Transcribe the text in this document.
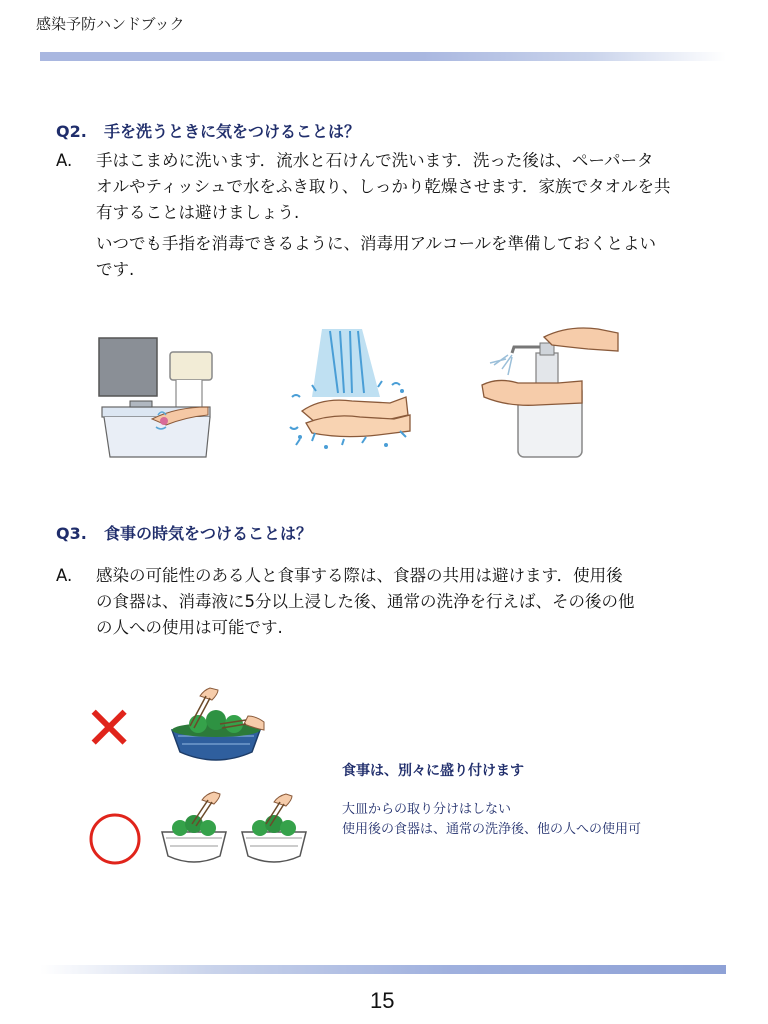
感染予防ハンドブック
Q2. 手を洗うときに気をつけることは？
A. 手はこまめに洗います．流水と石けんで洗います．洗った後は、ペーパータ
オルやティッシュで水をふき取り、しっかり乾燥させます．家族でタオルを共
有することは避けましょう.
いつでも手指を消毒できるように、消毒用アルコールを準備しておくとよい
です.
Q3. 食事の時気をつけることは？
A. 感染の可能性のある人と食事する際は、食器の共用は避けます．使用後
の食器は、消毒液に5分以上浸した後、通常の洗浄を行えば、その後の他
の人への使用は可能です.
✕
食事は、別々に盛り付けます
大皿からの取り分けはしない
使用後の食器は、通常の洗浄後、他の人への使用可
15
